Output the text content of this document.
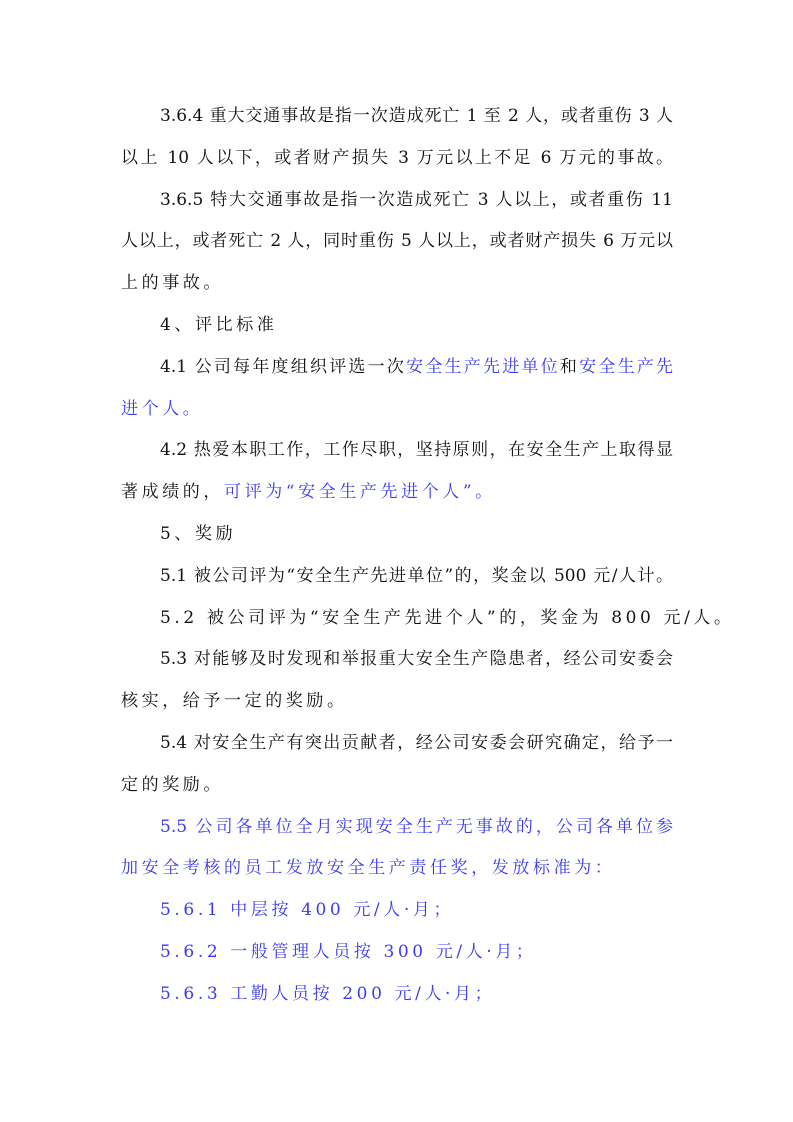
3.6.4 重大交通事故是指一次造成死亡 1 至 2 人，或者重伤 3 人
以上 10 人以下，或者财产损失 3 万元以上不足 6 万元的事故。
3.6.5 特大交通事故是指一次造成死亡 3 人以上，或者重伤 11
人以上，或者死亡 2 人，同时重伤 5 人以上，或者财产损失 6 万元以
上的事故。
4、评比标准
4.1 公司每年度组织评选一次安全生产先进单位和安全生产先
进个人。
4.2 热爱本职工作，工作尽职，坚持原则，在安全生产上取得显
著成绩的，可评为“安全生产先进个人”。
5、奖励
5.1 被公司评为“安全生产先进单位”的，奖金以 500 元/人计。
5.2 被公司评为“安全生产先进个人”的，奖金为 800 元/人。
5.3 对能够及时发现和举报重大安全生产隐患者，经公司安委会
核实，给予一定的奖励。
5.4 对安全生产有突出贡献者，经公司安委会研究确定，给予一
定的奖励。
5.5 公司各单位全月实现安全生产无事故的，公司各单位参
加安全考核的员工发放安全生产责任奖，发放标准为：
5.6.1 中层按 400 元/人·月；
5.6.2 一般管理人员按 300 元/人·月；
5.6.3 工勤人员按 200 元/人·月；
